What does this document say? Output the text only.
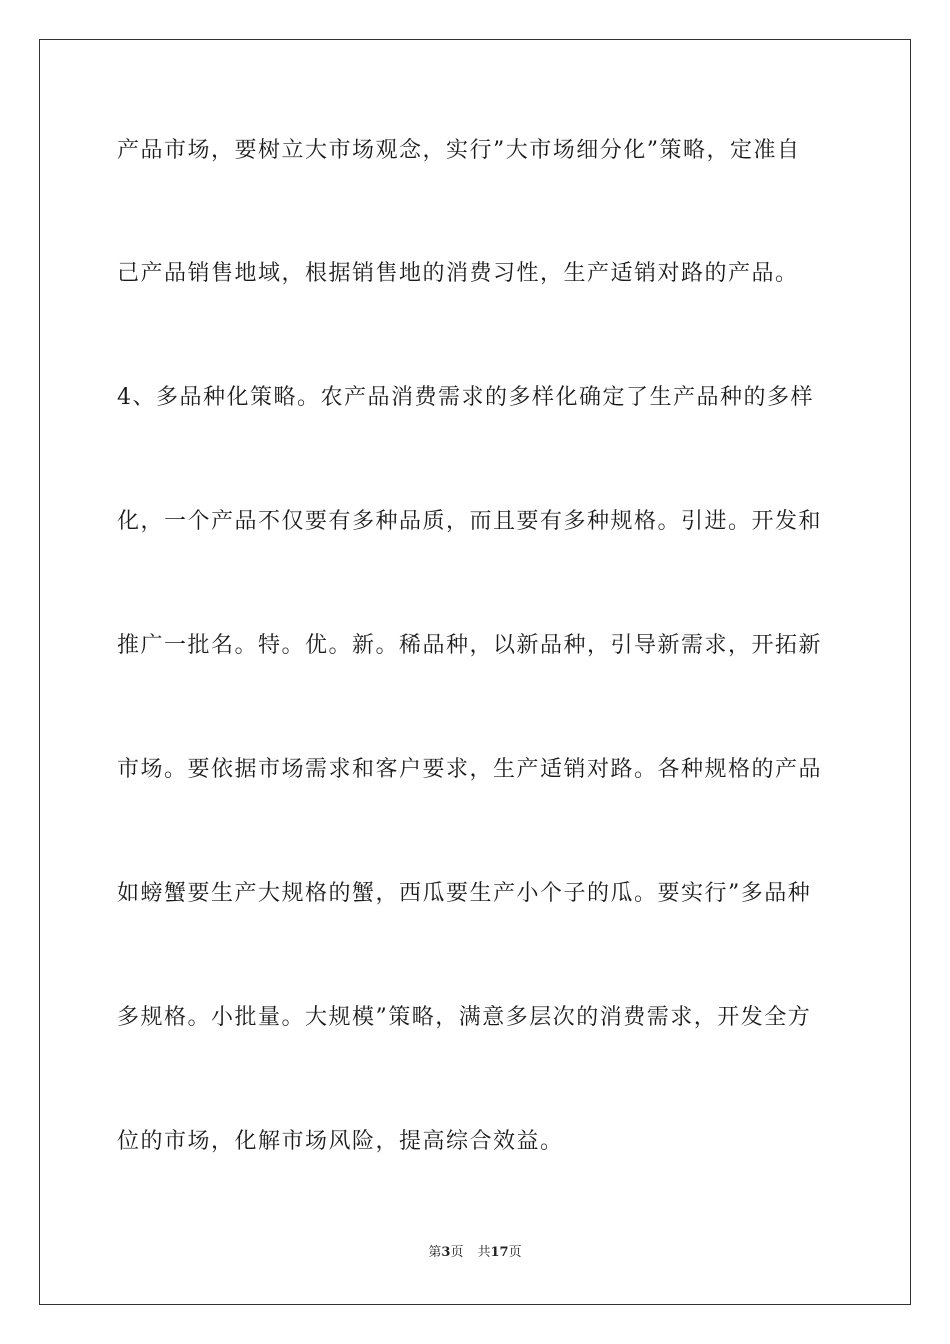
产品市场，要树立大市场观念，实行”大市场细分化”策略，定准自
己产品销售地域，根据销售地的消费习性，生产适销对路的产品。
4、多品种化策略。农产品消费需求的多样化确定了生产品种的多样
化，一个产品不仅要有多种品质，而且要有多种规格。引进。开发和
推广一批名。特。优。新。稀品种，以新品种，引导新需求，开拓新
市场。要依据市场需求和客户要求，生产适销对路。各种规格的产品
如螃蟹要生产大规格的蟹，西瓜要生产小个子的瓜。要实行”多品种
多规格。小批量。大规模”策略，满意多层次的消费需求，开发全方
位的市场，化解市场风险，提高综合效益。
第3页 共17页
